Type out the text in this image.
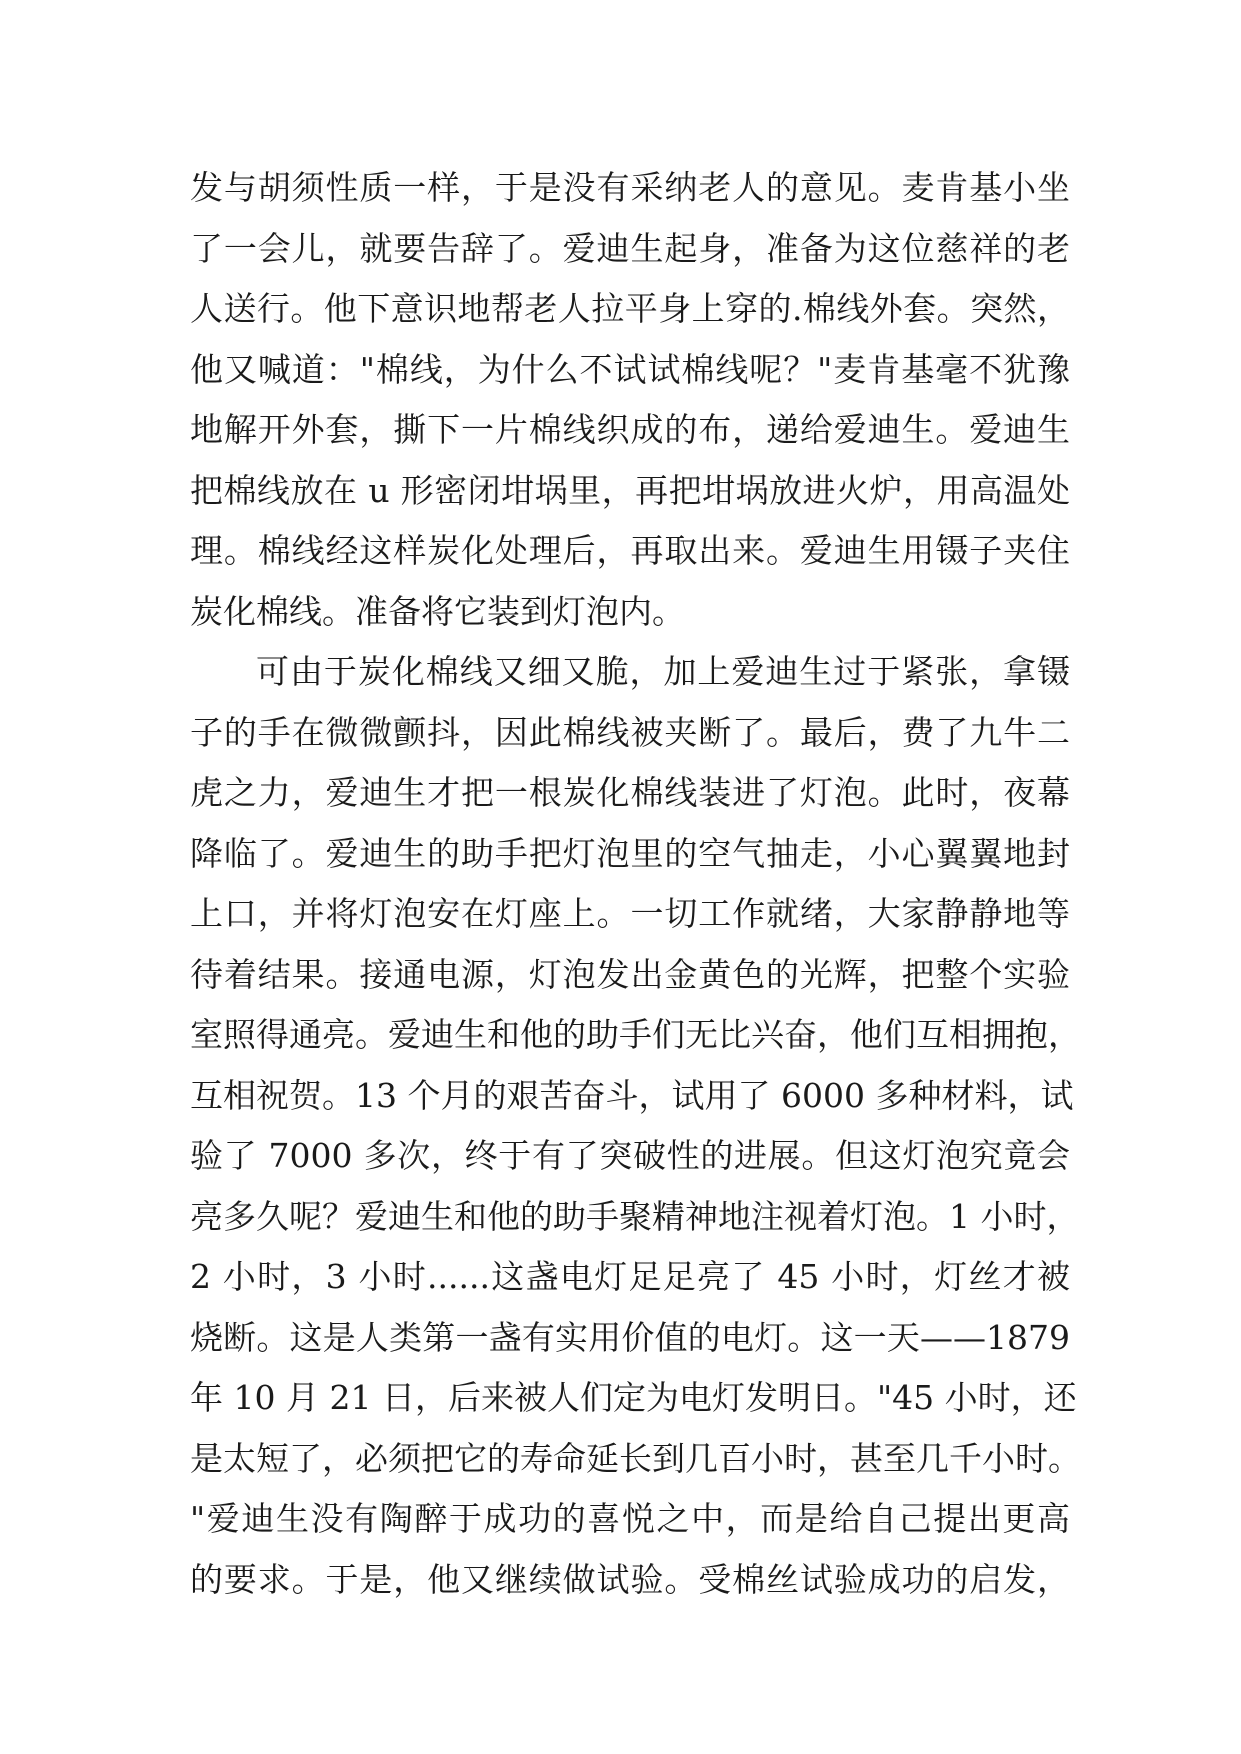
发与胡须性质一样，于是没有采纳老人的意见。麦肯基小坐
了一会儿，就要告辞了。爱迪生起身，准备为这位慈祥的老
人送行。他下意识地帮老人拉平身上穿的.棉线外套。突然，
他又喊道："棉线，为什么不试试棉线呢？"麦肯基毫不犹豫
地解开外套，撕下一片棉线织成的布，递给爱迪生。爱迪生
把棉线放在 u 形密闭坩埚里，再把坩埚放进火炉，用高温处
理。棉线经这样炭化处理后，再取出来。爱迪生用镊子夹住
炭化棉线。准备将它装到灯泡内。
可由于炭化棉线又细又脆，加上爱迪生过于紧张，拿镊
子的手在微微颤抖，因此棉线被夹断了。最后，费了九牛二
虎之力，爱迪生才把一根炭化棉线装进了灯泡。此时，夜幕
降临了。爱迪生的助手把灯泡里的空气抽走，小心翼翼地封
上口，并将灯泡安在灯座上。一切工作就绪，大家静静地等
待着结果。接通电源，灯泡发出金黄色的光辉，把整个实验
室照得通亮。爱迪生和他的助手们无比兴奋，他们互相拥抱，
互相祝贺。13 个月的艰苦奋斗，试用了 6000 多种材料，试
验了 7000 多次，终于有了突破性的进展。但这灯泡究竟会
亮多久呢？爱迪生和他的助手聚精神地注视着灯泡。1 小时，
2 小时，3 小时......这盏电灯足足亮了 45 小时，灯丝才被
烧断。这是人类第一盏有实用价值的电灯。这一天——1879
年 10 月 21 日，后来被人们定为电灯发明日。"45 小时，还
是太短了，必须把它的寿命延长到几百小时，甚至几千小时。
"爱迪生没有陶醉于成功的喜悦之中，而是给自己提出更高
的要求。于是，他又继续做试验。受棉丝试验成功的启发，
